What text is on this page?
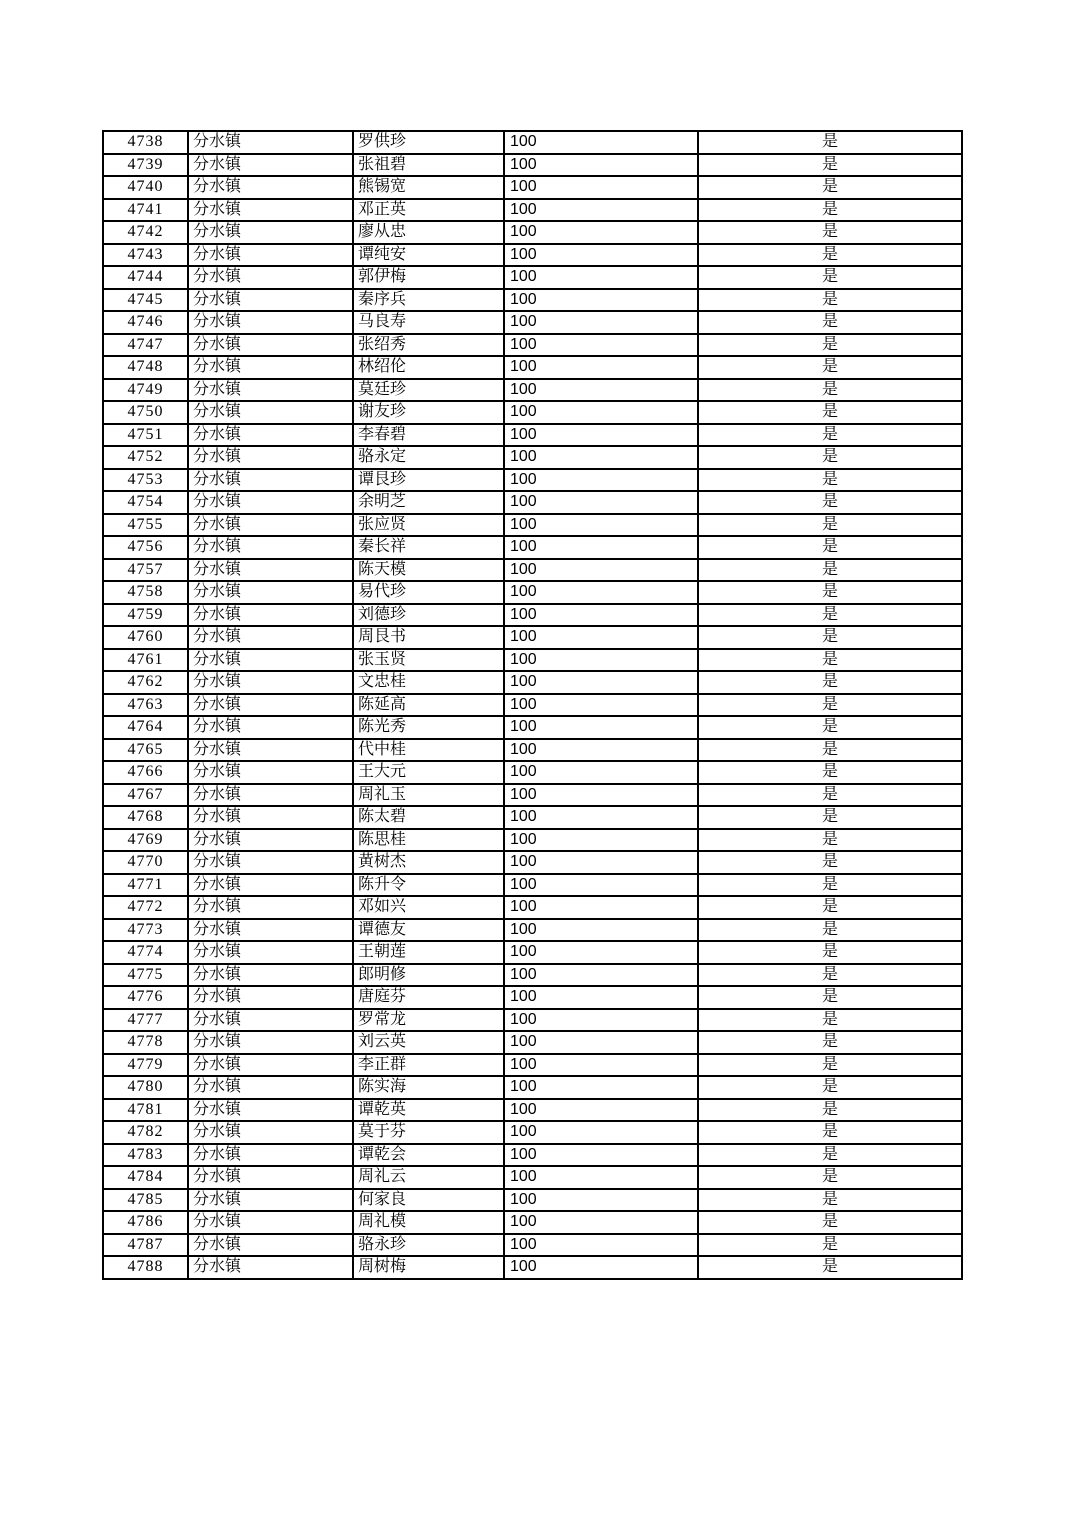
4738	分水镇	罗供珍	100	是
4739	分水镇	张祖碧	100	是
4740	分水镇	熊锡宽	100	是
4741	分水镇	邓正英	100	是
4742	分水镇	廖从忠	100	是
4743	分水镇	谭纯安	100	是
4744	分水镇	郭伊梅	100	是
4745	分水镇	秦序兵	100	是
4746	分水镇	马良寿	100	是
4747	分水镇	张绍秀	100	是
4748	分水镇	林绍伦	100	是
4749	分水镇	莫廷珍	100	是
4750	分水镇	谢友珍	100	是
4751	分水镇	李春碧	100	是
4752	分水镇	骆永定	100	是
4753	分水镇	谭艮珍	100	是
4754	分水镇	余明芝	100	是
4755	分水镇	张应贤	100	是
4756	分水镇	秦长祥	100	是
4757	分水镇	陈天模	100	是
4758	分水镇	易代珍	100	是
4759	分水镇	刘德珍	100	是
4760	分水镇	周艮书	100	是
4761	分水镇	张玉贤	100	是
4762	分水镇	文忠桂	100	是
4763	分水镇	陈延高	100	是
4764	分水镇	陈光秀	100	是
4765	分水镇	代中桂	100	是
4766	分水镇	王大元	100	是
4767	分水镇	周礼玉	100	是
4768	分水镇	陈太碧	100	是
4769	分水镇	陈思桂	100	是
4770	分水镇	黄树杰	100	是
4771	分水镇	陈升令	100	是
4772	分水镇	邓如兴	100	是
4773	分水镇	谭德友	100	是
4774	分水镇	王朝莲	100	是
4775	分水镇	郎明修	100	是
4776	分水镇	唐庭芬	100	是
4777	分水镇	罗常龙	100	是
4778	分水镇	刘云英	100	是
4779	分水镇	李正群	100	是
4780	分水镇	陈实海	100	是
4781	分水镇	谭乾英	100	是
4782	分水镇	莫于芬	100	是
4783	分水镇	谭乾会	100	是
4784	分水镇	周礼云	100	是
4785	分水镇	何家良	100	是
4786	分水镇	周礼模	100	是
4787	分水镇	骆永珍	100	是
4788	分水镇	周树梅	100	是
